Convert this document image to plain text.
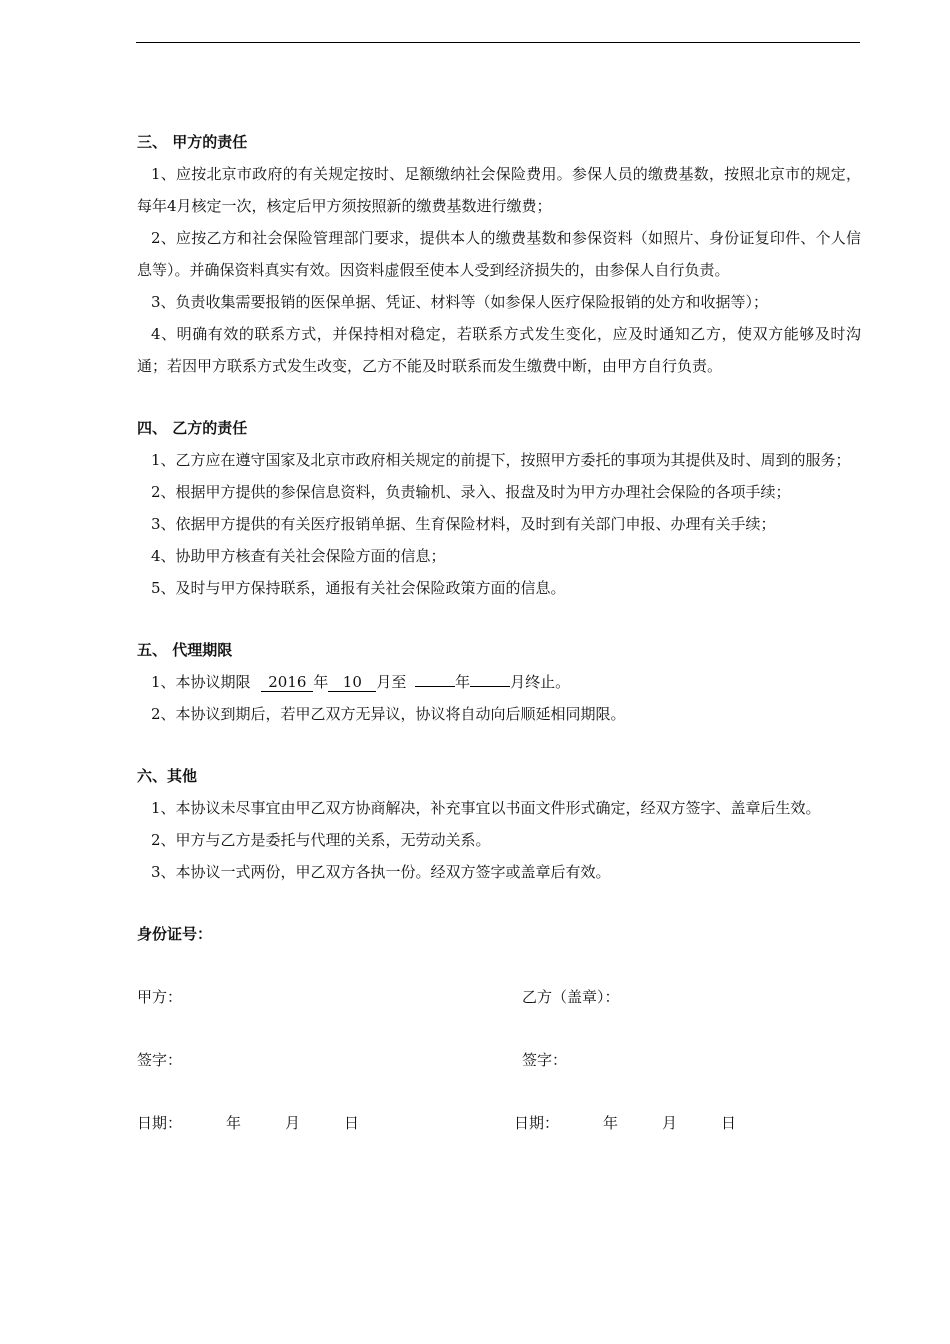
三、 甲方的责任
1、应按北京市政府的有关规定按时、足额缴纳社会保险费用。参保人员的缴费基数，按照北京市的规定，每年4月核定一次，核定后甲方须按照新的缴费基数进行缴费；
2、应按乙方和社会保险管理部门要求，提供本人的缴费基数和参保资料（如照片、身份证复印件、个人信息等）。并确保资料真实有效。因资料虚假至使本人受到经济损失的，由参保人自行负责。
3、负责收集需要报销的医保单据、凭证、材料等（如参保人医疗保险报销的处方和收据等）；
4、明确有效的联系方式，并保持相对稳定，若联系方式发生变化，应及时通知乙方，使双方能够及时沟通；若因甲方联系方式发生改变，乙方不能及时联系而发生缴费中断，由甲方自行负责。
四、 乙方的责任
1、乙方应在遵守国家及北京市政府相关规定的前提下，按照甲方委托的事项为其提供及时、周到的服务；
2、根据甲方提供的参保信息资料，负责输机、录入、报盘及时为甲方办理社会保险的各项手续；
3、依据甲方提供的有关医疗报销单据、生育保险材料，及时到有关部门申报、办理有关手续；
4、协助甲方核查有关社会保险方面的信息；
5、及时与甲方保持联系，通报有关社会保险政策方面的信息。
五、 代理期限
1、本协议期限 2016 年 10 月至	年	月终止。
2、本协议到期后，若甲乙双方无异议，协议将自动向后顺延相同期限。
六、其他
1、本协议未尽事宜由甲乙双方协商解决，补充事宜以书面文件形式确定，经双方签字、盖章后生效。
2、甲方与乙方是委托与代理的关系，无劳动关系。
3、本协议一式两份，甲乙双方各执一份。经双方签字或盖章后有效。
身份证号：
甲方：	乙方（盖章）：
签字：	签字：
日期：	年	月	日	日期：	年	月	日
